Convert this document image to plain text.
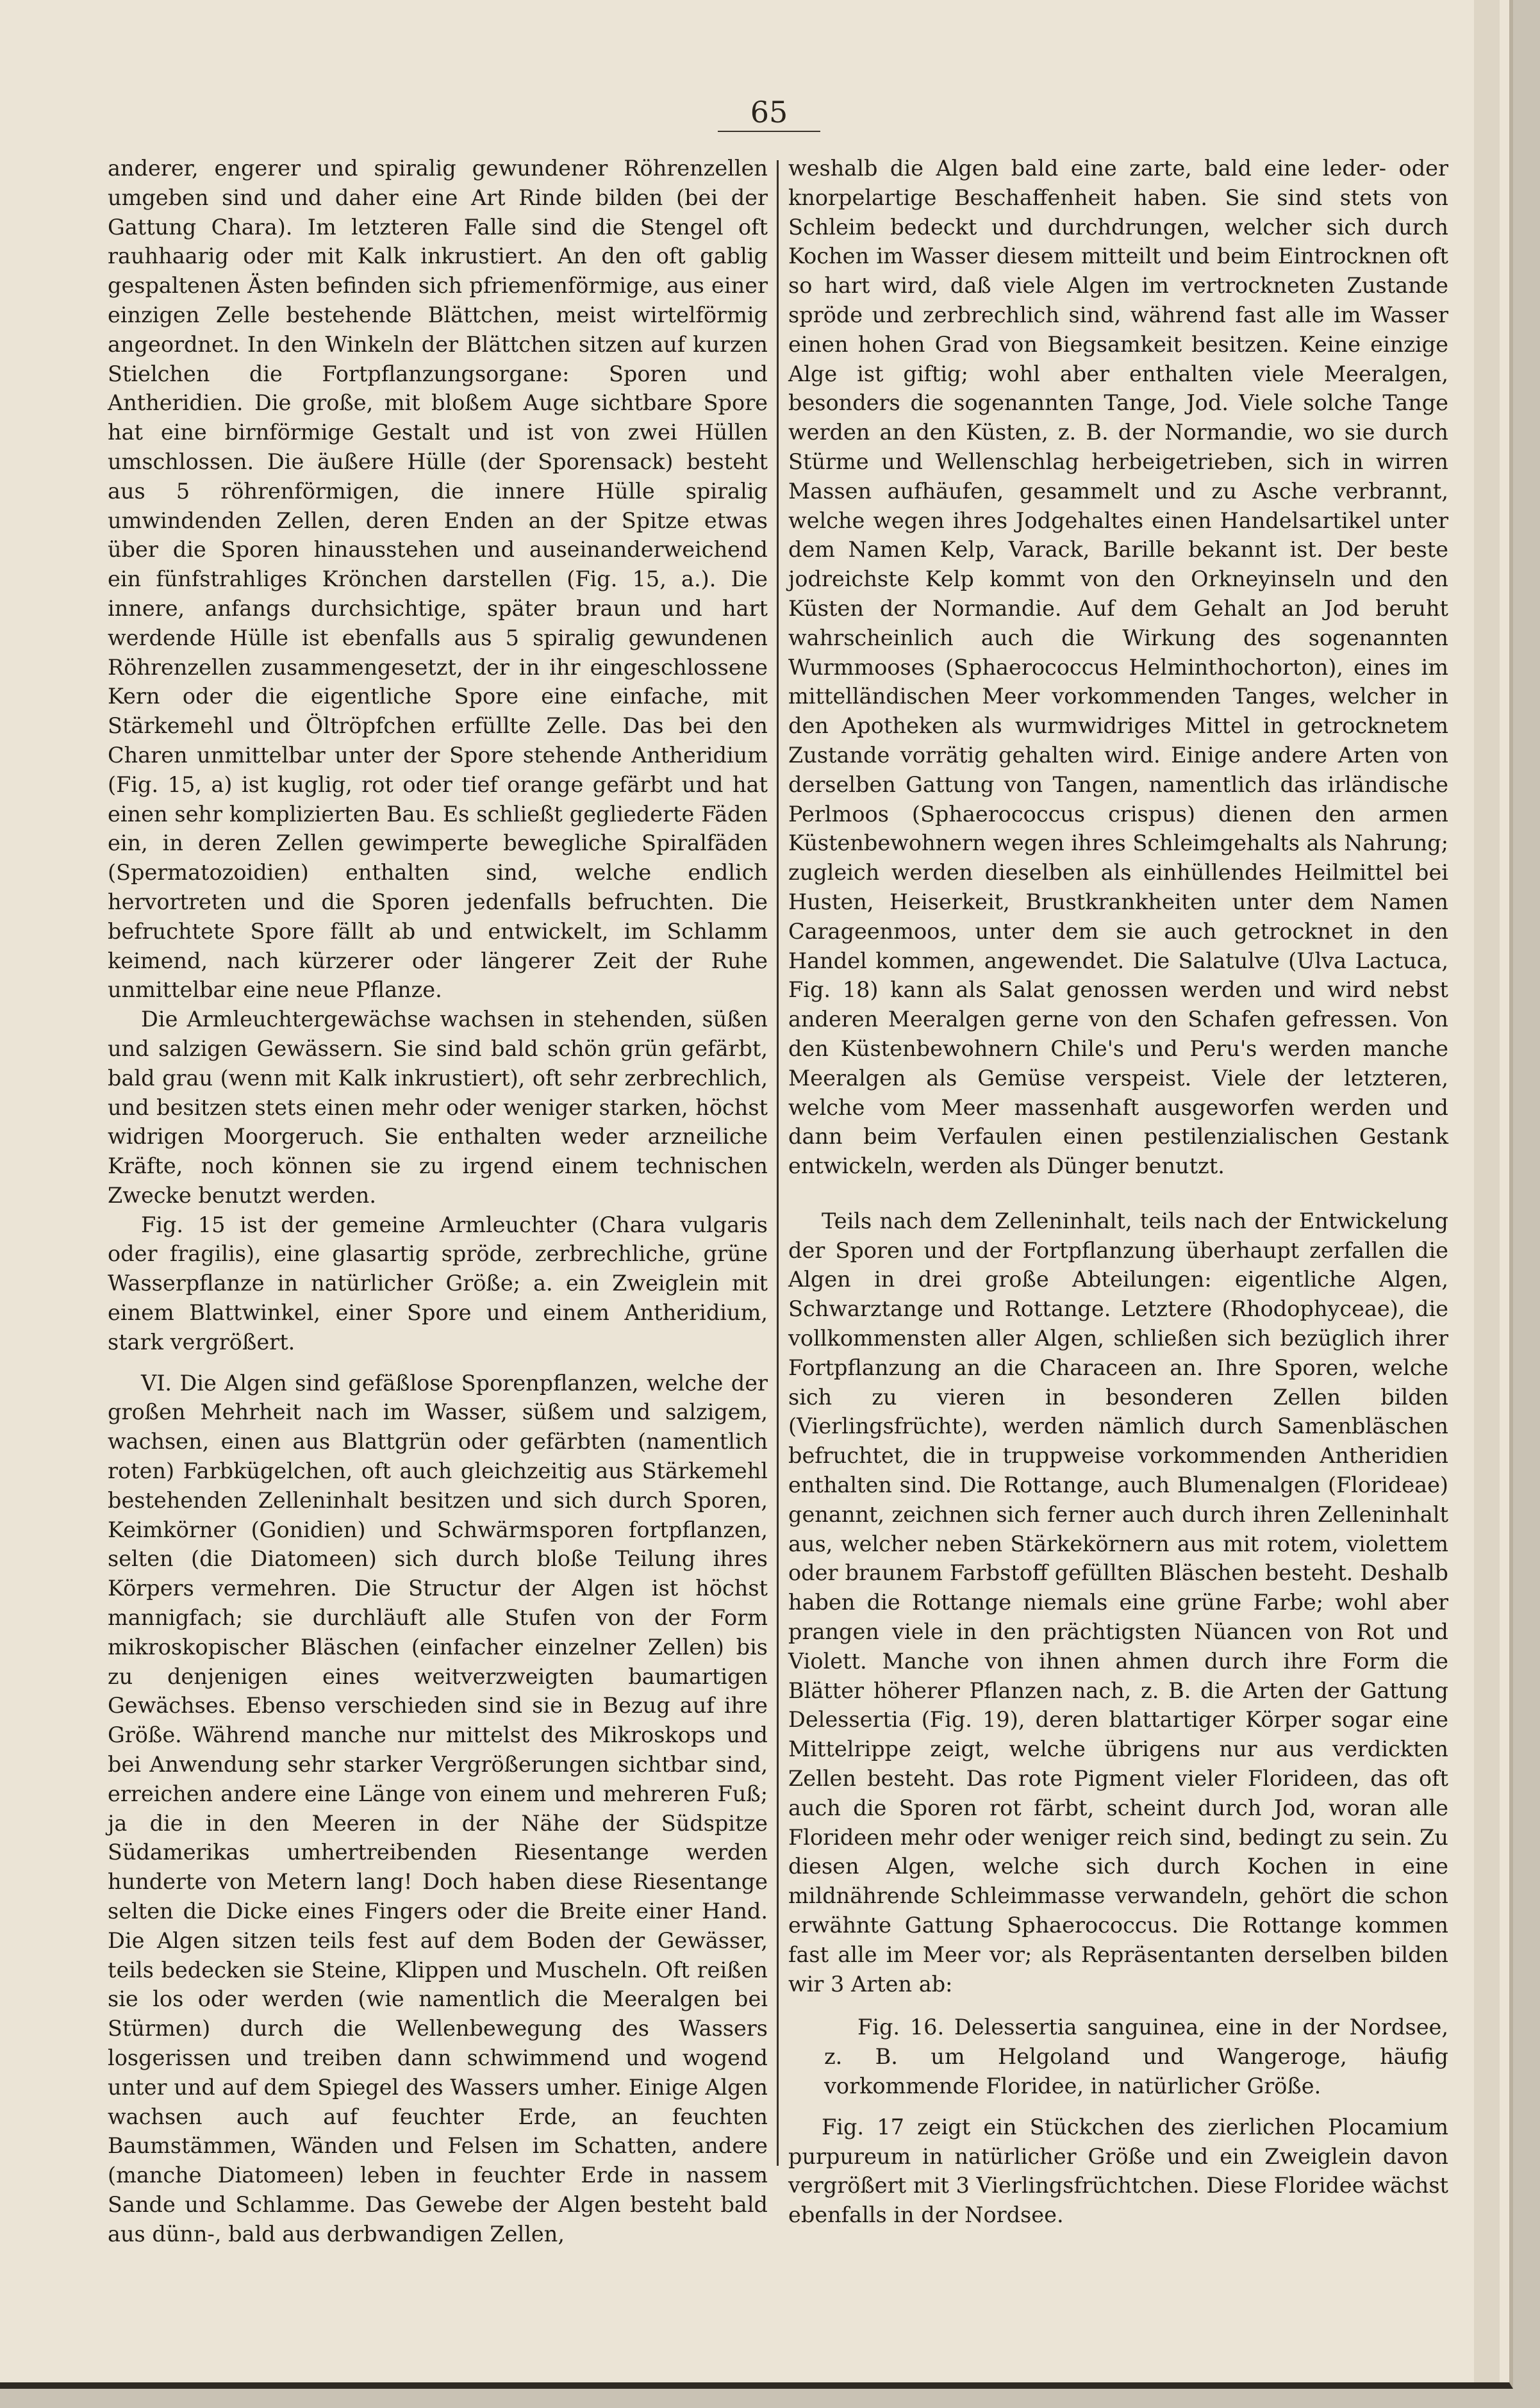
65

anderer, engerer und spiralig gewundener Röhrenzellen umgeben sind und daher eine Art Rinde bilden (bei der Gattung Chara). Im letzteren Falle sind die Stengel oft rauhhaarig oder mit Kalk inkrustiert. An den oft gablig gespaltenen Ästen befinden sich pfriemenförmige, aus einer einzigen Zelle bestehende Blättchen, meist wirtelförmig angeordnet. In den Winkeln der Blättchen sitzen auf kurzen Stielchen die Fortpflanzungsorgane: Sporen und Antheridien. Die große, mit bloßem Auge sichtbare Spore hat eine birnförmige Gestalt und ist von zwei Hüllen umschlossen. Die äußere Hülle (der Sporensack) besteht aus 5 röhrenförmigen, die innere Hülle spiralig umwindenden Zellen, deren Enden an der Spitze etwas über die Sporen hinausstehen und auseinanderweichend ein fünfstrahliges Krönchen darstellen (Fig. 15, a.). Die innere, anfangs durchsichtige, später braun und hart werdende Hülle ist ebenfalls aus 5 spiralig gewundenen Röhrenzellen zusammengesetzt, der in ihr eingeschlossene Kern oder die eigentliche Spore eine einfache, mit Stärkemehl und Öltröpfchen erfüllte Zelle. Das bei den Charen unmittelbar unter der Spore stehende Antheridium (Fig. 15, a) ist kuglig, rot oder tief orange gefärbt und hat einen sehr komplizierten Bau. Es schließt gegliederte Fäden ein, in deren Zellen gewimperte bewegliche Spiralfäden (Spermatozoidien) enthalten sind, welche endlich hervortreten und die Sporen jedenfalls befruchten. Die befruchtete Spore fällt ab und entwickelt, im Schlamm keimend, nach kürzerer oder längerer Zeit der Ruhe unmittelbar eine neue Pflanze.

Die Armleuchtergewächse wachsen in stehenden, süßen und salzigen Gewässern. Sie sind bald schön grün gefärbt, bald grau (wenn mit Kalk inkrustiert), oft sehr zerbrechlich, und besitzen stets einen mehr oder weniger starken, höchst widrigen Moorgeruch. Sie enthalten weder arzneiliche Kräfte, noch können sie zu irgend einem technischen Zwecke benutzt werden.

Fig. 15 ist der gemeine Armleuchter (Chara vulgaris oder fragilis), eine glasartig spröde, zerbrechliche, grüne Wasserpflanze in natürlicher Größe; a. ein Zweiglein mit einem Blattwinkel, einer Spore und einem Antheridium, stark vergrößert.

VI. Die Algen sind gefäßlose Sporenpflanzen, welche der großen Mehrheit nach im Wasser, süßem und salzigem, wachsen, einen aus Blattgrün oder gefärbten (namentlich roten) Farbkügelchen, oft auch gleichzeitig aus Stärkemehl bestehenden Zelleninhalt besitzen und sich durch Sporen, Keimkörner (Gonidien) und Schwärmsporen fortpflanzen, selten (die Diatomeen) sich durch bloße Teilung ihres Körpers vermehren. Die Structur der Algen ist höchst mannigfach; sie durchläuft alle Stufen von der Form mikroskopischer Bläschen (einfacher einzelner Zellen) bis zu denjenigen eines weitverzweigten baumartigen Gewächses. Ebenso verschieden sind sie in Bezug auf ihre Größe. Während manche nur mittelst des Mikroskops und bei Anwendung sehr starker Vergrößerungen sichtbar sind, erreichen andere eine Länge von einem und mehreren Fuß; ja die in den Meeren in der Nähe der Südspitze Südamerikas umhertreibenden Riesentange werden hunderte von Metern lang! Doch haben diese Riesentange selten die Dicke eines Fingers oder die Breite einer Hand. Die Algen sitzen teils fest auf dem Boden der Gewässer, teils bedecken sie Steine, Klippen und Muscheln. Oft reißen sie los oder werden (wie namentlich die Meeralgen bei Stürmen) durch die Wellenbewegung des Wassers losgerissen und treiben dann schwimmend und wogend unter und auf dem Spiegel des Wassers umher. Einige Algen wachsen auch auf feuchter Erde, an feuchten Baumstämmen, Wänden und Felsen im Schatten, andere (manche Diatomeen) leben in feuchter Erde in nassem Sande und Schlamme. Das Gewebe der Algen besteht bald aus dünn-, bald aus derbwandigen Zellen,

weshalb die Algen bald eine zarte, bald eine leder- oder knorpelartige Beschaffenheit haben. Sie sind stets von Schleim bedeckt und durchdrungen, welcher sich durch Kochen im Wasser diesem mitteilt und beim Eintrocknen oft so hart wird, daß viele Algen im vertrockneten Zustande spröde und zerbrechlich sind, während fast alle im Wasser einen hohen Grad von Biegsamkeit besitzen. Keine einzige Alge ist giftig; wohl aber enthalten viele Meeralgen, besonders die sogenannten Tange, Jod. Viele solche Tange werden an den Küsten, z. B. der Normandie, wo sie durch Stürme und Wellenschlag herbeigetrieben, sich in wirren Massen aufhäufen, gesammelt und zu Asche verbrannt, welche wegen ihres Jodgehaltes einen Handelsartikel unter dem Namen Kelp, Varack, Barille bekannt ist. Der beste jodreichste Kelp kommt von den Orkneyinseln und den Küsten der Normandie. Auf dem Gehalt an Jod beruht wahrscheinlich auch die Wirkung des sogenannten Wurmmooses (Sphaerococcus Helminthochorton), eines im mittelländischen Meer vorkommenden Tanges, welcher in den Apotheken als wurmwidriges Mittel in getrocknetem Zustande vorrätig gehalten wird. Einige andere Arten von derselben Gattung von Tangen, namentlich das irländische Perlmoos (Sphaerococcus crispus) dienen den armen Küstenbewohnern wegen ihres Schleimgehalts als Nahrung; zugleich werden dieselben als einhüllendes Heilmittel bei Husten, Heiserkeit, Brustkrankheiten unter dem Namen Carageenmoos, unter dem sie auch getrocknet in den Handel kommen, angewendet. Die Salatulve (Ulva Lactuca, Fig. 18) kann als Salat genossen werden und wird nebst anderen Meeralgen gerne von den Schafen gefressen. Von den Küstenbewohnern Chile's und Peru's werden manche Meeralgen als Gemüse verspeist. Viele der letzteren, welche vom Meer massenhaft ausgeworfen werden und dann beim Verfaulen einen pestilenzialischen Gestank entwickeln, werden als Dünger benutzt.

Teils nach dem Zelleninhalt, teils nach der Entwickelung der Sporen und der Fortpflanzung überhaupt zerfallen die Algen in drei große Abteilungen: eigentliche Algen, Schwarztange und Rottange. Letztere (Rhodophyceae), die vollkommensten aller Algen, schließen sich bezüglich ihrer Fortpflanzung an die Characeen an. Ihre Sporen, welche sich zu vieren in besonderen Zellen bilden (Vierlingsfrüchte), werden nämlich durch Samenbläschen befruchtet, die in truppweise vorkommenden Antheridien enthalten sind. Die Rottange, auch Blumenalgen (Florideae) genannt, zeichnen sich ferner auch durch ihren Zelleninhalt aus, welcher neben Stärkekörnern aus mit rotem, violettem oder braunem Farbstoff gefüllten Bläschen besteht. Deshalb haben die Rottange niemals eine grüne Farbe; wohl aber prangen viele in den prächtigsten Nüancen von Rot und Violett. Manche von ihnen ahmen durch ihre Form die Blätter höherer Pflanzen nach, z. B. die Arten der Gattung Delessertia (Fig. 19), deren blattartiger Körper sogar eine Mittelrippe zeigt, welche übrigens nur aus verdickten Zellen besteht. Das rote Pigment vieler Florideen, das oft auch die Sporen rot färbt, scheint durch Jod, woran alle Florideen mehr oder weniger reich sind, bedingt zu sein. Zu diesen Algen, welche sich durch Kochen in eine mildnährende Schleimmasse verwandeln, gehört die schon erwähnte Gattung Sphaerococcus. Die Rottange kommen fast alle im Meer vor; als Repräsentanten derselben bilden wir 3 Arten ab:

Fig. 16. Delessertia sanguinea, eine in der Nordsee, z. B. um Helgoland und Wangeroge, häufig vorkommende Floridee, in natürlicher Größe.

Fig. 17 zeigt ein Stückchen des zierlichen Plocamium purpureum in natürlicher Größe und ein Zweiglein davon vergrößert mit 3 Vierlingsfrüchtchen. Diese Floridee wächst ebenfalls in der Nordsee.
